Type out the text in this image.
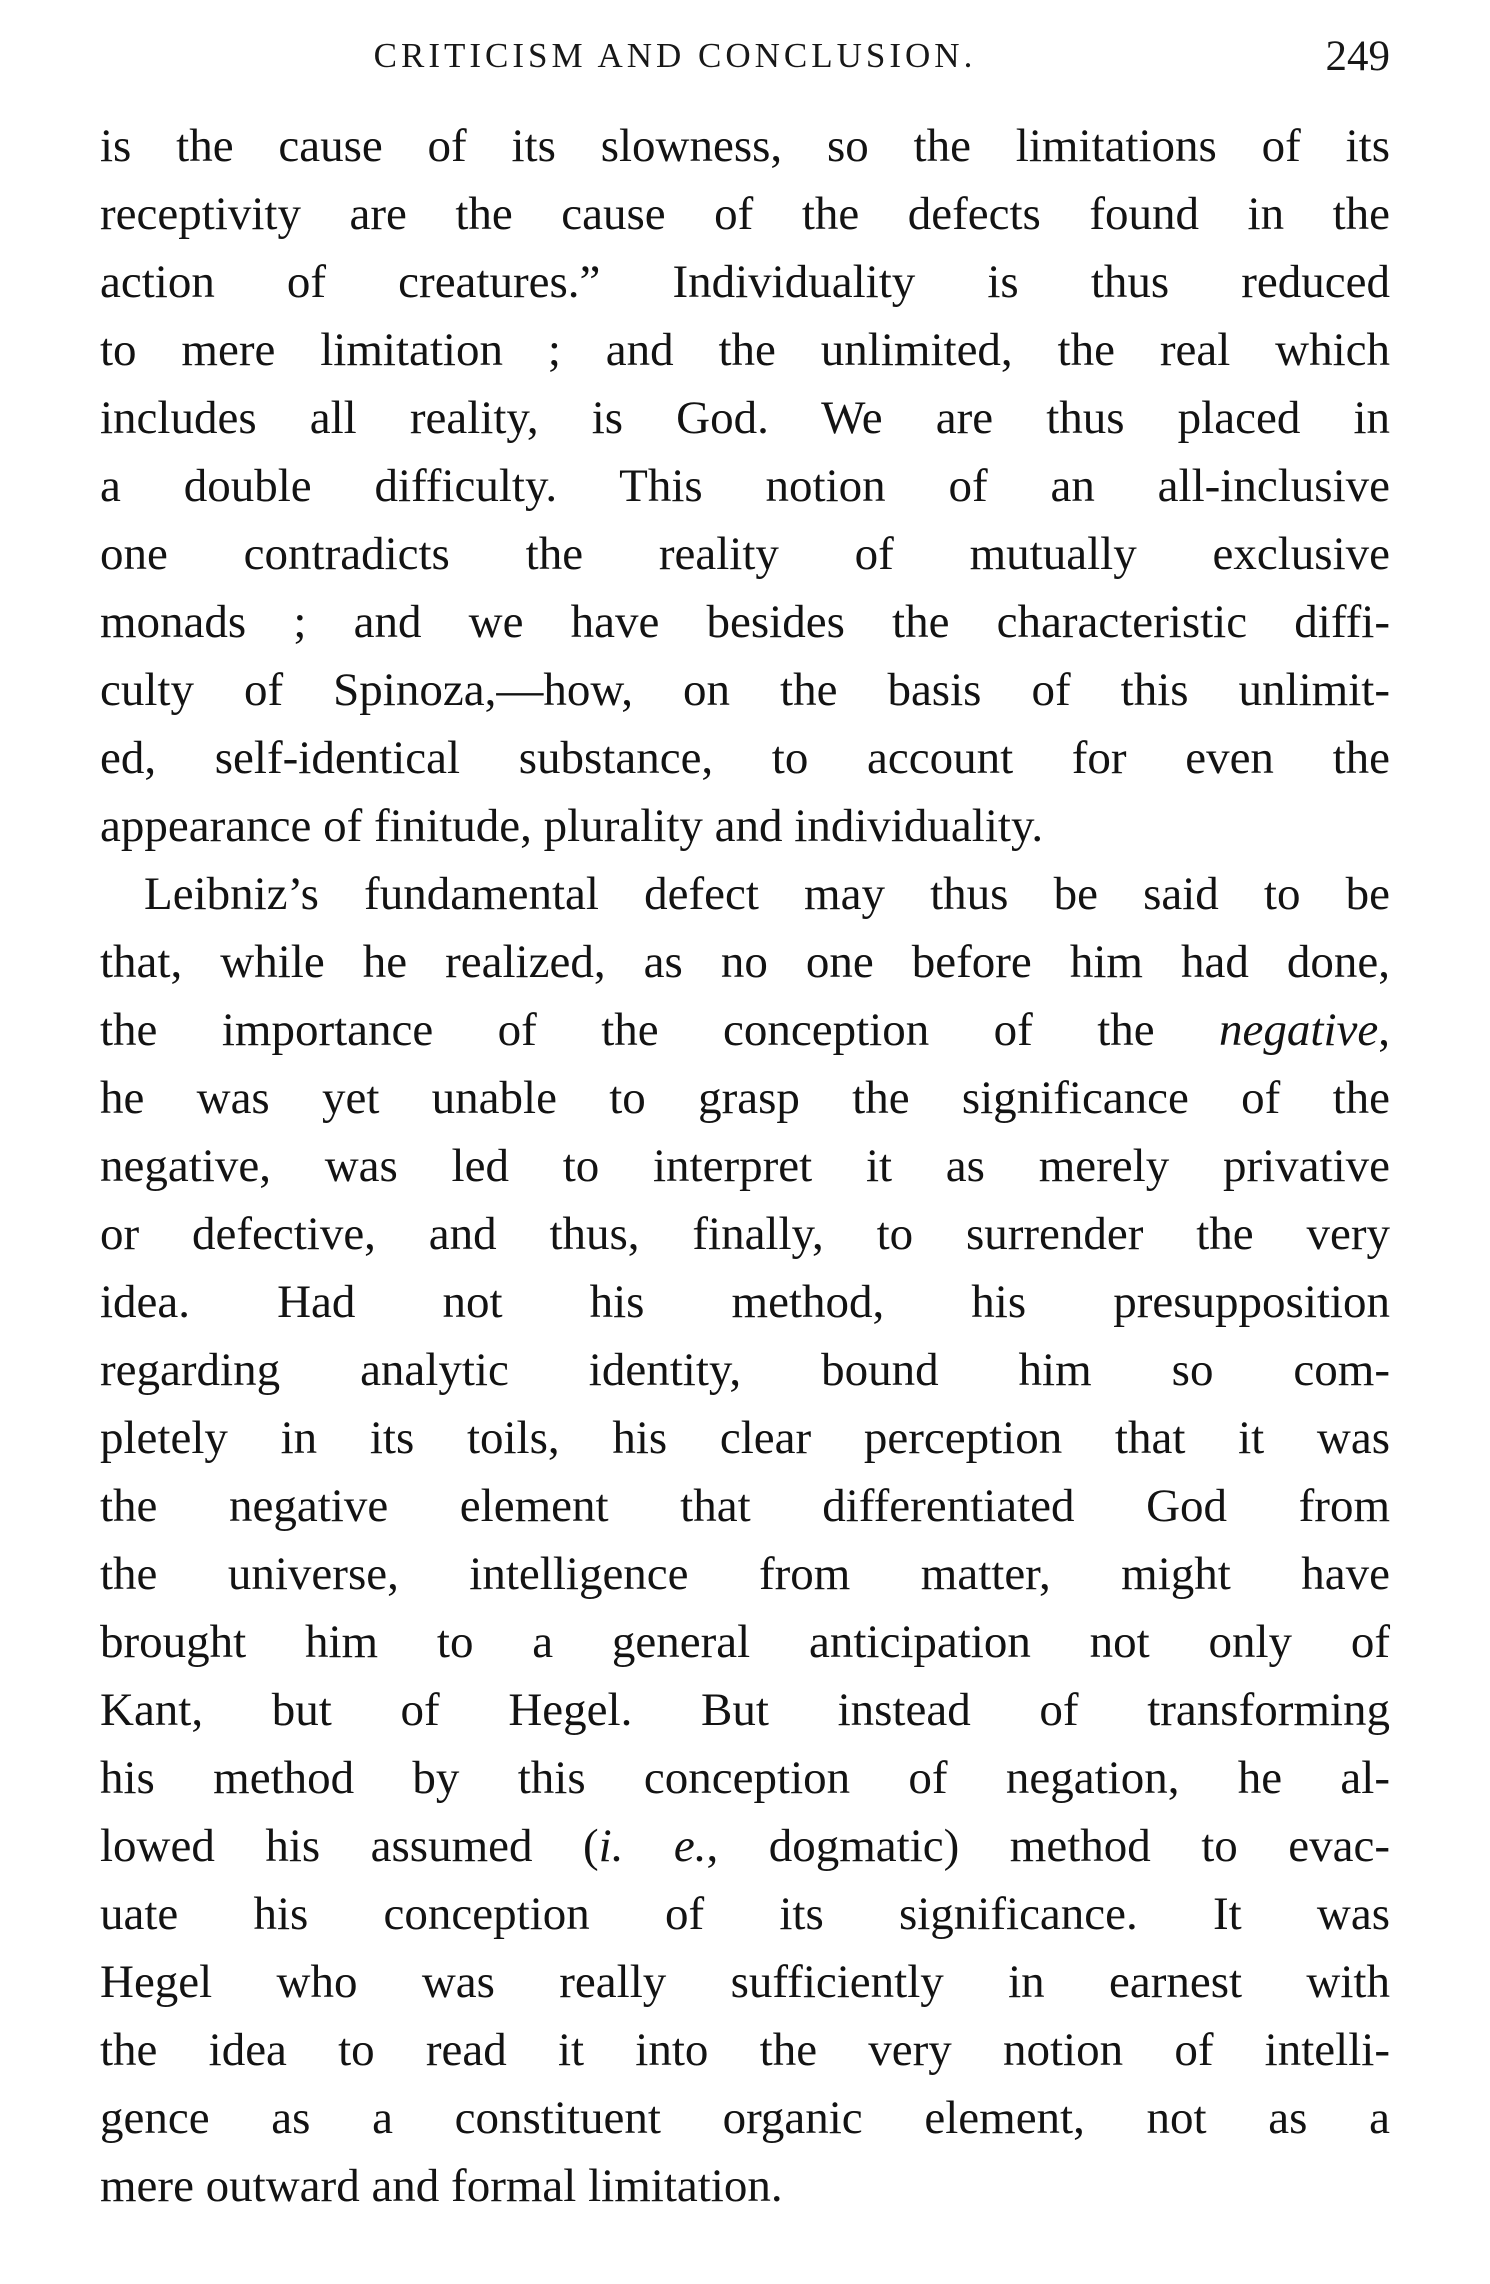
CRITICISM AND CONCLUSION.	249
is the cause of its slowness, so the limitations of its
receptivity are the cause of the defects found in the
action of creatures.” Individuality is thus reduced
to mere limitation ; and the unlimited, the real which
includes all reality, is God. We are thus placed in
a double difficulty. This notion of an all-inclusive
one contradicts the reality of mutually exclusive
monads ; and we have besides the characteristic diffi-
culty of Spinoza,—how, on the basis of this unlimit-
ed, self-identical substance, to account for even the
appearance of finitude, plurality and individuality.
Leibniz’s fundamental defect may thus be said to be
that, while he realized, as no one before him had done,
the importance of the conception of the negative,
he was yet unable to grasp the significance of the
negative, was led to interpret it as merely privative
or defective, and thus, finally, to surrender the very
idea. Had not his method, his presupposition
regarding analytic identity, bound him so com-
pletely in its toils, his clear perception that it was
the negative element that differentiated God from
the universe, intelligence from matter, might have
brought him to a general anticipation not only of
Kant, but of Hegel. But instead of transforming
his method by this conception of negation, he al-
lowed his assumed (i. e., dogmatic) method to evac-
uate his conception of its significance. It was
Hegel who was really sufficiently in earnest with
the idea to read it into the very notion of intelli-
gence as a constituent organic element, not as a
mere outward and formal limitation.
